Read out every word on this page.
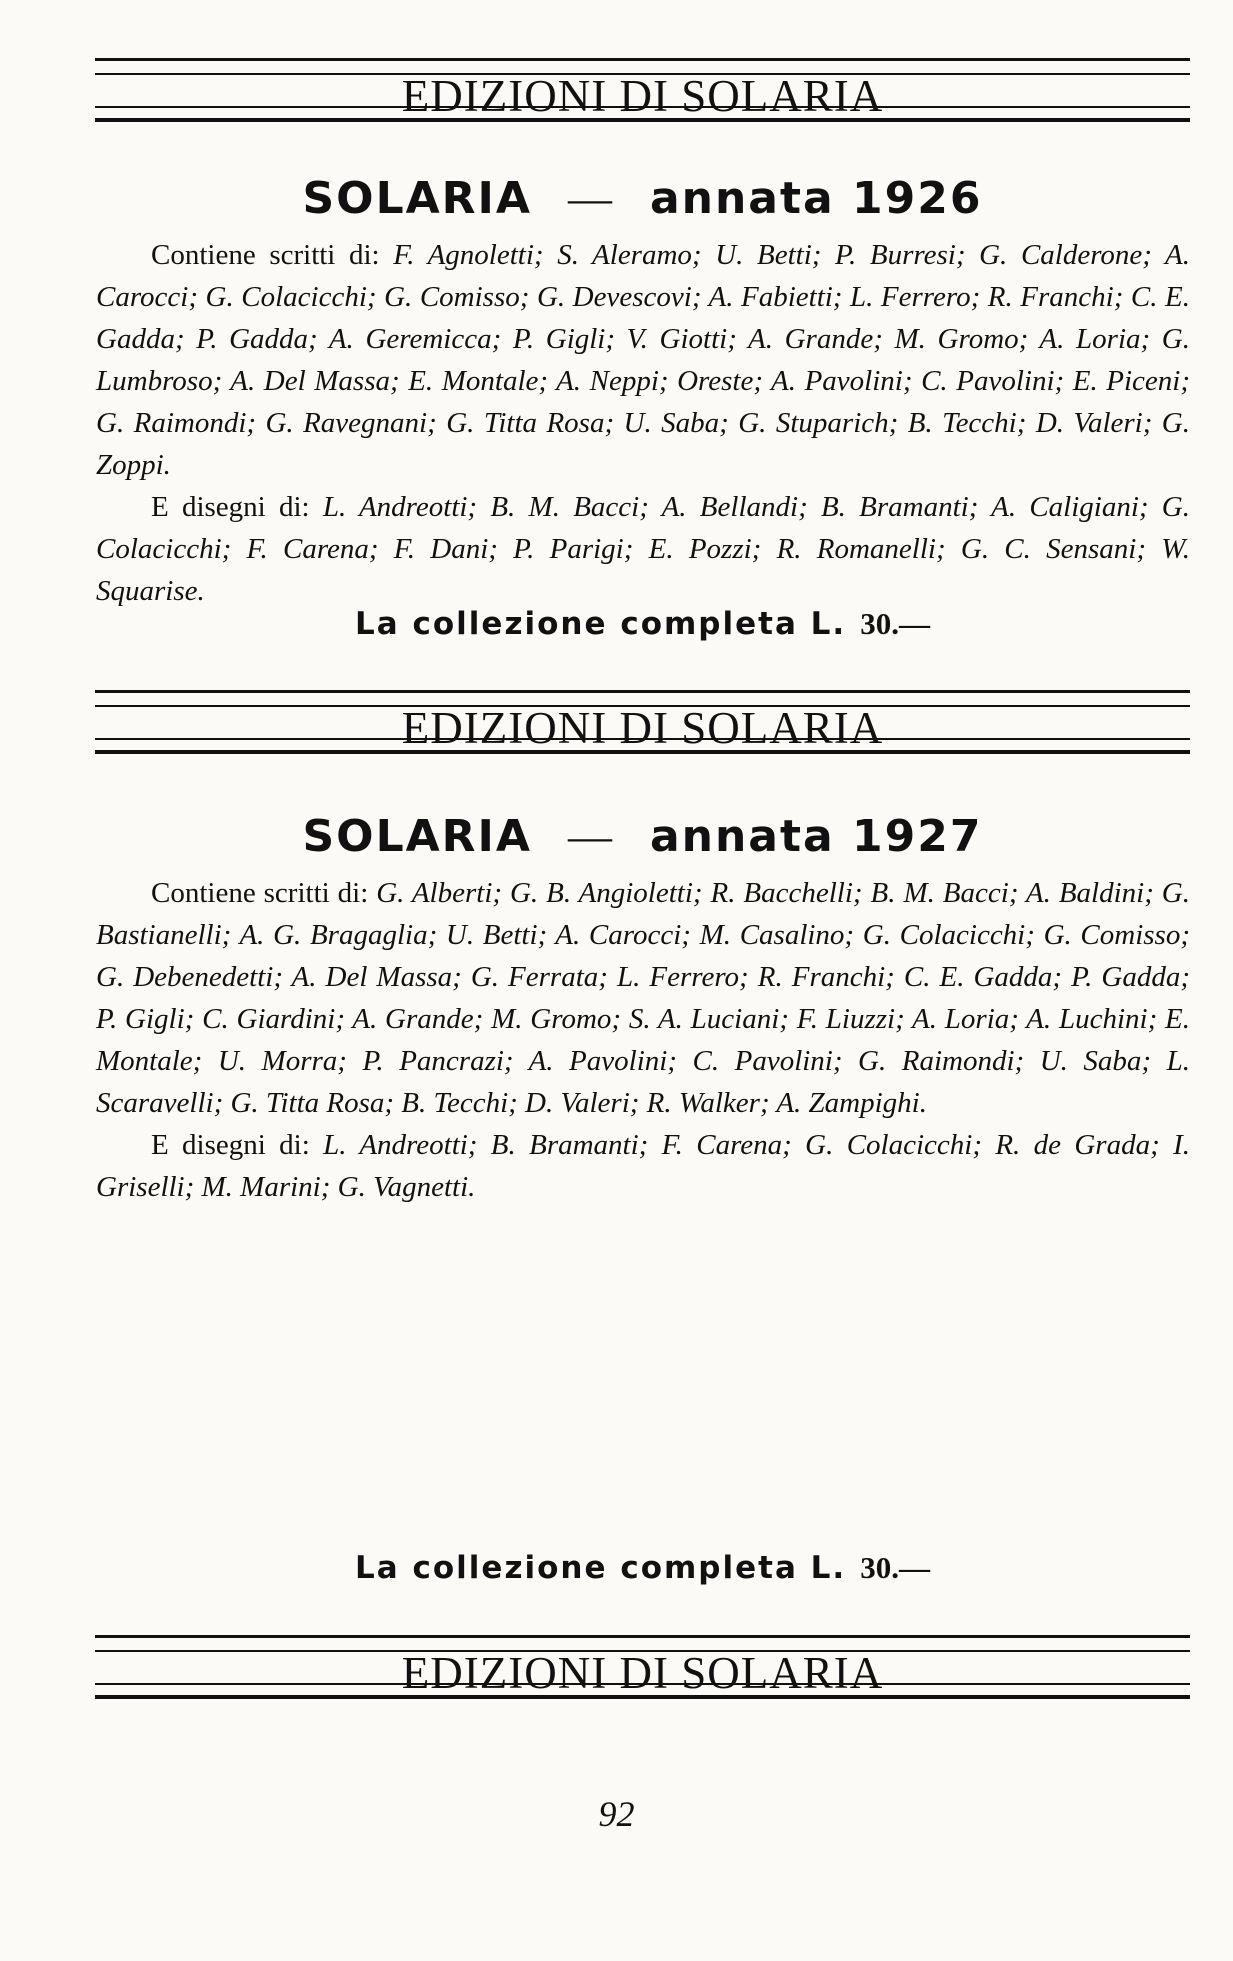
EDIZIONI DI SOLARIA
SOLARIA — annata 1926

Contiene scritti di: F. Agnoletti; S. Aleramo; U. Betti; P. Burresi; G. Calderone; A. Carocci; G. Colacicchi; G. Comisso; G. Devescovi; A. Fabietti; L. Ferrero; R. Franchi; C. E. Gadda; P. Gadda; A. Geremicca; P. Gigli; V. Giotti; A. Grande; M. Gromo; A. Loria; G. Lumbroso; A. Del Massa; E. Montale; A. Neppi; Oreste; A. Pavolini; C. Pavolini; E. Piceni; G. Raimondi; G. Ravegnani; G. Titta Rosa; U. Saba; G. Stuparich; B. Tecchi; D. Valeri; G. Zoppi.

E disegni di: L. Andreotti; B. M. Bacci; A. Bellandi; B. Bramanti; A. Caligiani; G. Colacicchi; F. Carena; F. Dani; P. Parigi; E. Pozzi; R. Romanelli; G. C. Sensani; W. Squarise.

La collezione completa L. 30.—
EDIZIONI DI SOLARIA
SOLARIA — annata 1927

Contiene scritti di: G. Alberti; G. B. Angioletti; R. Bacchelli; B. M. Bacci; A. Baldini; G. Bastianelli; A. G. Bragaglia; U. Betti; A. Carocci; M. Casalino; G. Colacicchi; G. Comisso; G. Debenedetti; A. Del Massa; G. Ferrata; L. Ferrero; R. Franchi; C. E. Gadda; P. Gadda; P. Gigli; C. Giardini; A. Grande; M. Gromo; S. A. Luciani; F. Liuzzi; A. Loria; A. Luchini; E. Montale; U. Morra; P. Pancrazi; A. Pavolini; C. Pavolini; G. Raimondi; U. Saba; L. Scaravelli; G. Titta Rosa; B. Tecchi; D. Valeri; R. Walker; A. Zampighi.

E disegni di: L. Andreotti; B. Bramanti; F. Carena; G. Colacicchi; R. de Grada; I. Griselli; M. Marini; G. Vagnetti.

La collezione completa L. 30.—
EDIZIONI DI SOLARIA
92
